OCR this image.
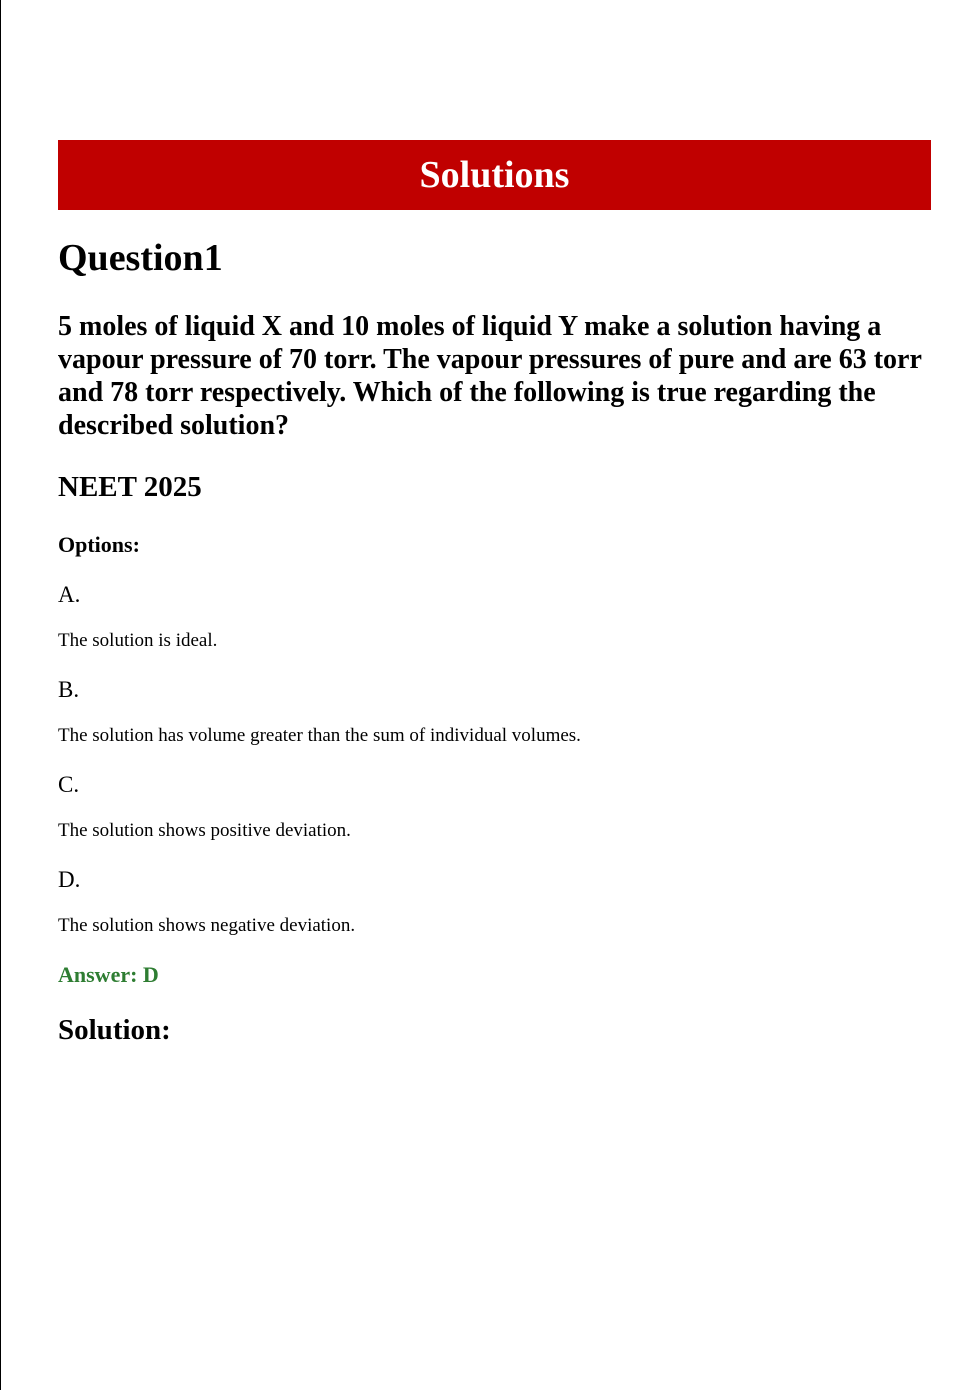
Solutions
Question1

5 moles of liquid X and 10 moles of liquid Y make a solution having a vapour pressure of 70 torr. The vapour pressures of pure and are 63 torr and 78 torr respectively. Which of the following is true regarding the described solution?

NEET 2025

Options:

A.

The solution is ideal.

B.

The solution has volume greater than the sum of individual volumes.

C.

The solution shows positive deviation.

D.

The solution shows negative deviation.

Answer: D

Solution:
